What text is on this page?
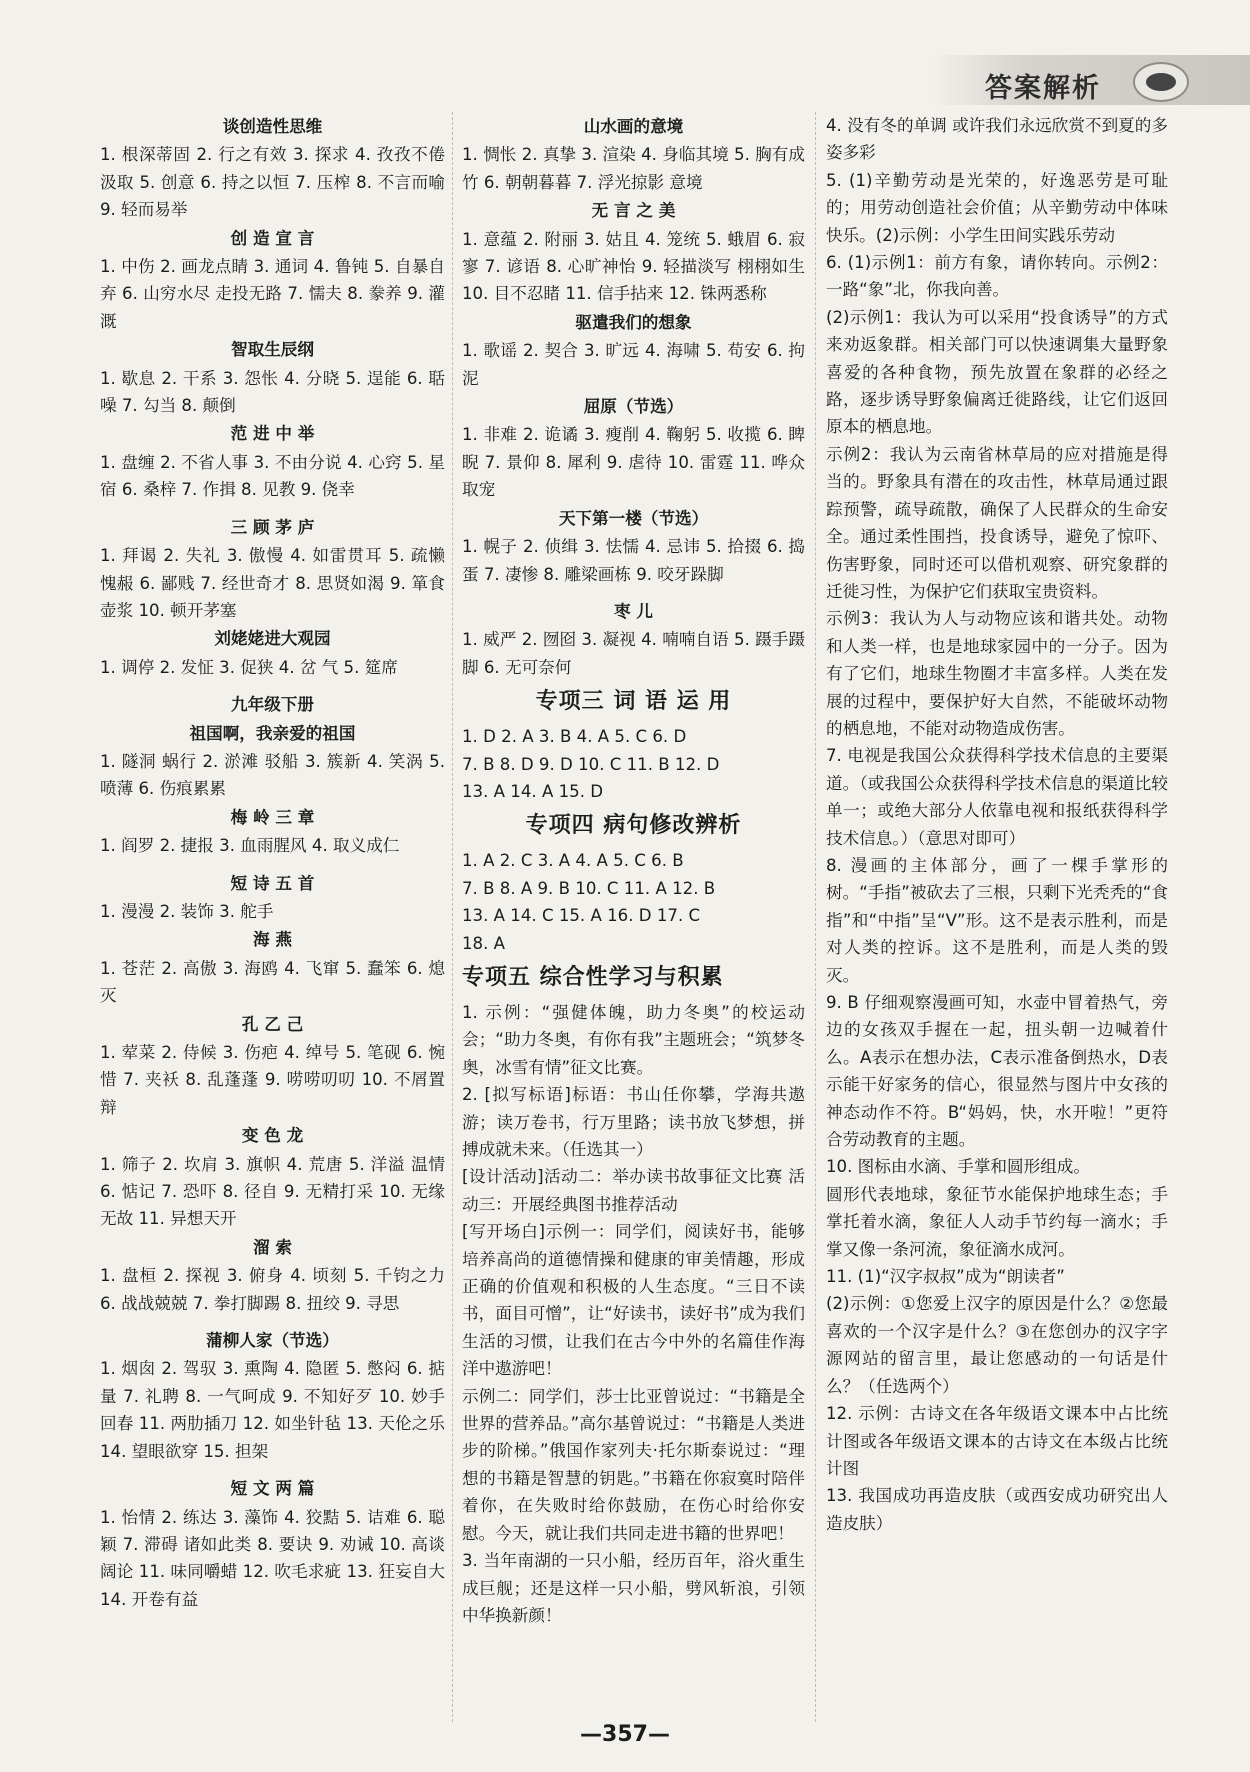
答案解析
谈创造性思维
1. 根深蒂固 2. 行之有效 3. 探求 4. 孜孜不倦 汲取 5. 创意 6. 持之以恒 7. 压榨 8. 不言而喻 9. 轻而易举
创 造 宣 言
1. 中伤 2. 画龙点睛 3. 通词 4. 鲁钝 5. 自暴自弃 6. 山穷水尽 走投无路 7. 懦夫 8. 豢养 9. 灌溉
智取生辰纲
1. 歇息 2. 干系 3. 怨怅 4. 分晓 5. 逞能 6. 聒噪 7. 勾当 8. 颠倒
范 进 中 举
1. 盘缠 2. 不省人事 3. 不由分说 4. 心窍 5. 星宿 6. 桑梓 7. 作揖 8. 见教 9. 侥幸
三 顾 茅 庐
1. 拜谒 2. 失礼 3. 傲慢 4. 如雷贯耳 5. 疏懒 愧赧 6. 鄙贱 7. 经世奇才 8. 思贤如渴 9. 箪食壶浆 10. 顿开茅塞
刘姥姥进大观园
1. 调停 2. 发怔 3. 促狭 4. 岔 气 5. 筵席
九年级下册
祖国啊，我亲爱的祖国
1. 隧洞 蜗行 2. 淤滩 驳船 3. 簇新 4. 笑涡 5. 喷薄 6. 伤痕累累
梅 岭 三 章
1. 阎罗 2. 捷报 3. 血雨腥风 4. 取义成仁
短 诗 五 首
1. 漫漫 2. 装饰 3. 舵手
海 燕
1. 苍茫 2. 高傲 3. 海鸥 4. 飞窜 5. 蠢笨 6. 熄灭
孔 乙 己
1. 荤菜 2. 侍候 3. 伤疤 4. 绰号 5. 笔砚 6. 惋惜 7. 夹袄 8. 乱蓬蓬 9. 唠唠叨叨 10. 不屑置辩
变 色 龙
1. 筛子 2. 坎肩 3. 旗帜 4. 荒唐 5. 洋溢 温情 6. 惦记 7. 恐吓 8. 径自 9. 无精打采 10. 无缘无故 11. 异想天开
溜 索
1. 盘桓 2. 探视 3. 俯身 4. 顷刻 5. 千钧之力 6. 战战兢兢 7. 拳打脚踢 8. 扭绞 9. 寻思
蒲柳人家（节选）
1. 烟囱 2. 驾驭 3. 熏陶 4. 隐匿 5. 憋闷 6. 掂量 7. 礼聘 8. 一气呵成 9. 不知好歹 10. 妙手回春 11. 两肋插刀 12. 如坐针毡 13. 天伦之乐 14. 望眼欲穿 15. 担架
短 文 两 篇
1. 怡情 2. 练达 3. 藻饰 4. 狡黠 5. 诘难 6. 聪颖 7. 滞碍 诸如此类 8. 要诀 9. 劝诫 10. 高谈阔论 11. 味同嚼蜡 12. 吹毛求疵 13. 狂妄自大 14. 开卷有益
山水画的意境
1. 惆怅 2. 真挚 3. 渲染 4. 身临其境 5. 胸有成竹 6. 朝朝暮暮 7. 浮光掠影 意境
无 言 之 美
1. 意蕴 2. 附丽 3. 姑且 4. 笼统 5. 蛾眉 6. 寂寥 7. 谚语 8. 心旷神怡 9. 轻描淡写 栩栩如生 10. 目不忍睹 11. 信手拈来 12. 铢两悉称
驱遣我们的想象
1. 歌谣 2. 契合 3. 旷远 4. 海啸 5. 苟安 6. 拘泥
屈原（节选）
1. 非难 2. 诡谲 3. 瘦削 4. 鞠躬 5. 收揽 6. 睥睨 7. 景仰 8. 犀利 9. 虐待 10. 雷霆 11. 哗众取宠
天下第一楼（节选）
1. 幌子 2. 侦缉 3. 怯懦 4. 忌讳 5. 拾掇 6. 捣蛋 7. 凄惨 8. 雕梁画栋 9. 咬牙跺脚
枣 儿
1. 威严 2. 囫囵 3. 凝视 4. 喃喃自语 5. 蹑手蹑脚 6. 无可奈何
专项三 词 语 运 用
1. D 2. A 3. B 4. A 5. C 6. D
7. B 8. D 9. D 10. C 11. B 12. D
13. A 14. A 15. D
专项四 病句修改辨析
1. A 2. C 3. A 4. A 5. C 6. B
7. B 8. A 9. B 10. C 11. A 12. B
13. A 14. C 15. A 16. D 17. C
18. A
专项五 综合性学习与积累
1. 示例：“强健体魄，助力冬奥”的校运动会；“助力冬奥，有你有我”主题班会；“筑梦冬奥，冰雪有情”征文比赛。
2. [拟写标语]标语：书山任你攀，学海共遨游；读万卷书，行万里路；读书放飞梦想，拼搏成就未来。（任选其一）
[设计活动]活动二：举办读书故事征文比赛 活动三：开展经典图书推荐活动
[写开场白]示例一：同学们，阅读好书，能够培养高尚的道德情操和健康的审美情趣，形成正确的价值观和积极的人生态度。“三日不读书，面目可憎”，让“好读书，读好书”成为我们生活的习惯，让我们在古今中外的名篇佳作海洋中遨游吧！
示例二：同学们，莎士比亚曾说过：“书籍是全世界的营养品。”高尔基曾说过：“书籍是人类进步的阶梯。”俄国作家列夫·托尔斯泰说过：“理想的书籍是智慧的钥匙。”书籍在你寂寞时陪伴着你，在失败时给你鼓励，在伤心时给你安慰。今天，就让我们共同走进书籍的世界吧！
3. 当年南湖的一只小船，经历百年，浴火重生成巨舰；还是这样一只小船，劈风斩浪，引领中华换新颜！
4. 没有冬的单调 或许我们永远欣赏不到夏的多姿多彩
5. (1)辛勤劳动是光荣的，好逸恶劳是可耻的；用劳动创造社会价值；从辛勤劳动中体味快乐。(2)示例：小学生田间实践乐劳动
6. (1)示例1：前方有象，请你转向。示例2：一路“象”北，你我向善。
(2)示例1：我认为可以采用“投食诱导”的方式来劝返象群。相关部门可以快速调集大量野象喜爱的各种食物，预先放置在象群的必经之路，逐步诱导野象偏离迁徙路线，让它们返回原本的栖息地。
示例2：我认为云南省林草局的应对措施是得当的。野象具有潜在的攻击性，林草局通过跟踪预警，疏导疏散，确保了人民群众的生命安全。通过柔性围挡，投食诱导，避免了惊吓、伤害野象，同时还可以借机观察、研究象群的迁徙习性，为保护它们获取宝贵资料。
示例3：我认为人与动物应该和谐共处。动物和人类一样，也是地球家园中的一分子。因为有了它们，地球生物圈才丰富多样。人类在发展的过程中，要保护好大自然，不能破坏动物的栖息地，不能对动物造成伤害。
7. 电视是我国公众获得科学技术信息的主要渠道。（或我国公众获得科学技术信息的渠道比较单一；或绝大部分人依靠电视和报纸获得科学技术信息。）（意思对即可）
8. 漫画的主体部分，画了一棵手掌形的树。“手指”被砍去了三根，只剩下光秃秃的“食指”和“中指”呈“V”形。这不是表示胜利，而是对人类的控诉。这不是胜利，而是人类的毁灭。
9. B 仔细观察漫画可知，水壶中冒着热气，旁边的女孩双手握在一起，扭头朝一边喊着什么。A表示在想办法，C表示准备倒热水，D表示能干好家务的信心，很显然与图片中女孩的神态动作不符。B“妈妈，快，水开啦！”更符合劳动教育的主题。
10. 图标由水滴、手掌和圆形组成。
圆形代表地球，象征节水能保护地球生态；手掌托着水滴，象征人人动手节约每一滴水；手掌又像一条河流，象征滴水成河。
11. (1)“汉字叔叔”成为“朗读者”
(2)示例：①您爱上汉字的原因是什么？②您最喜欢的一个汉字是什么？③在您创办的汉字字源网站的留言里，最让您感动的一句话是什么？（任选两个）
12. 示例：古诗文在各年级语文课本中占比统计图或各年级语文课本的古诗文在本级占比统计图
13. 我国成功再造皮肤（或西安成功研究出人造皮肤）
—357—
